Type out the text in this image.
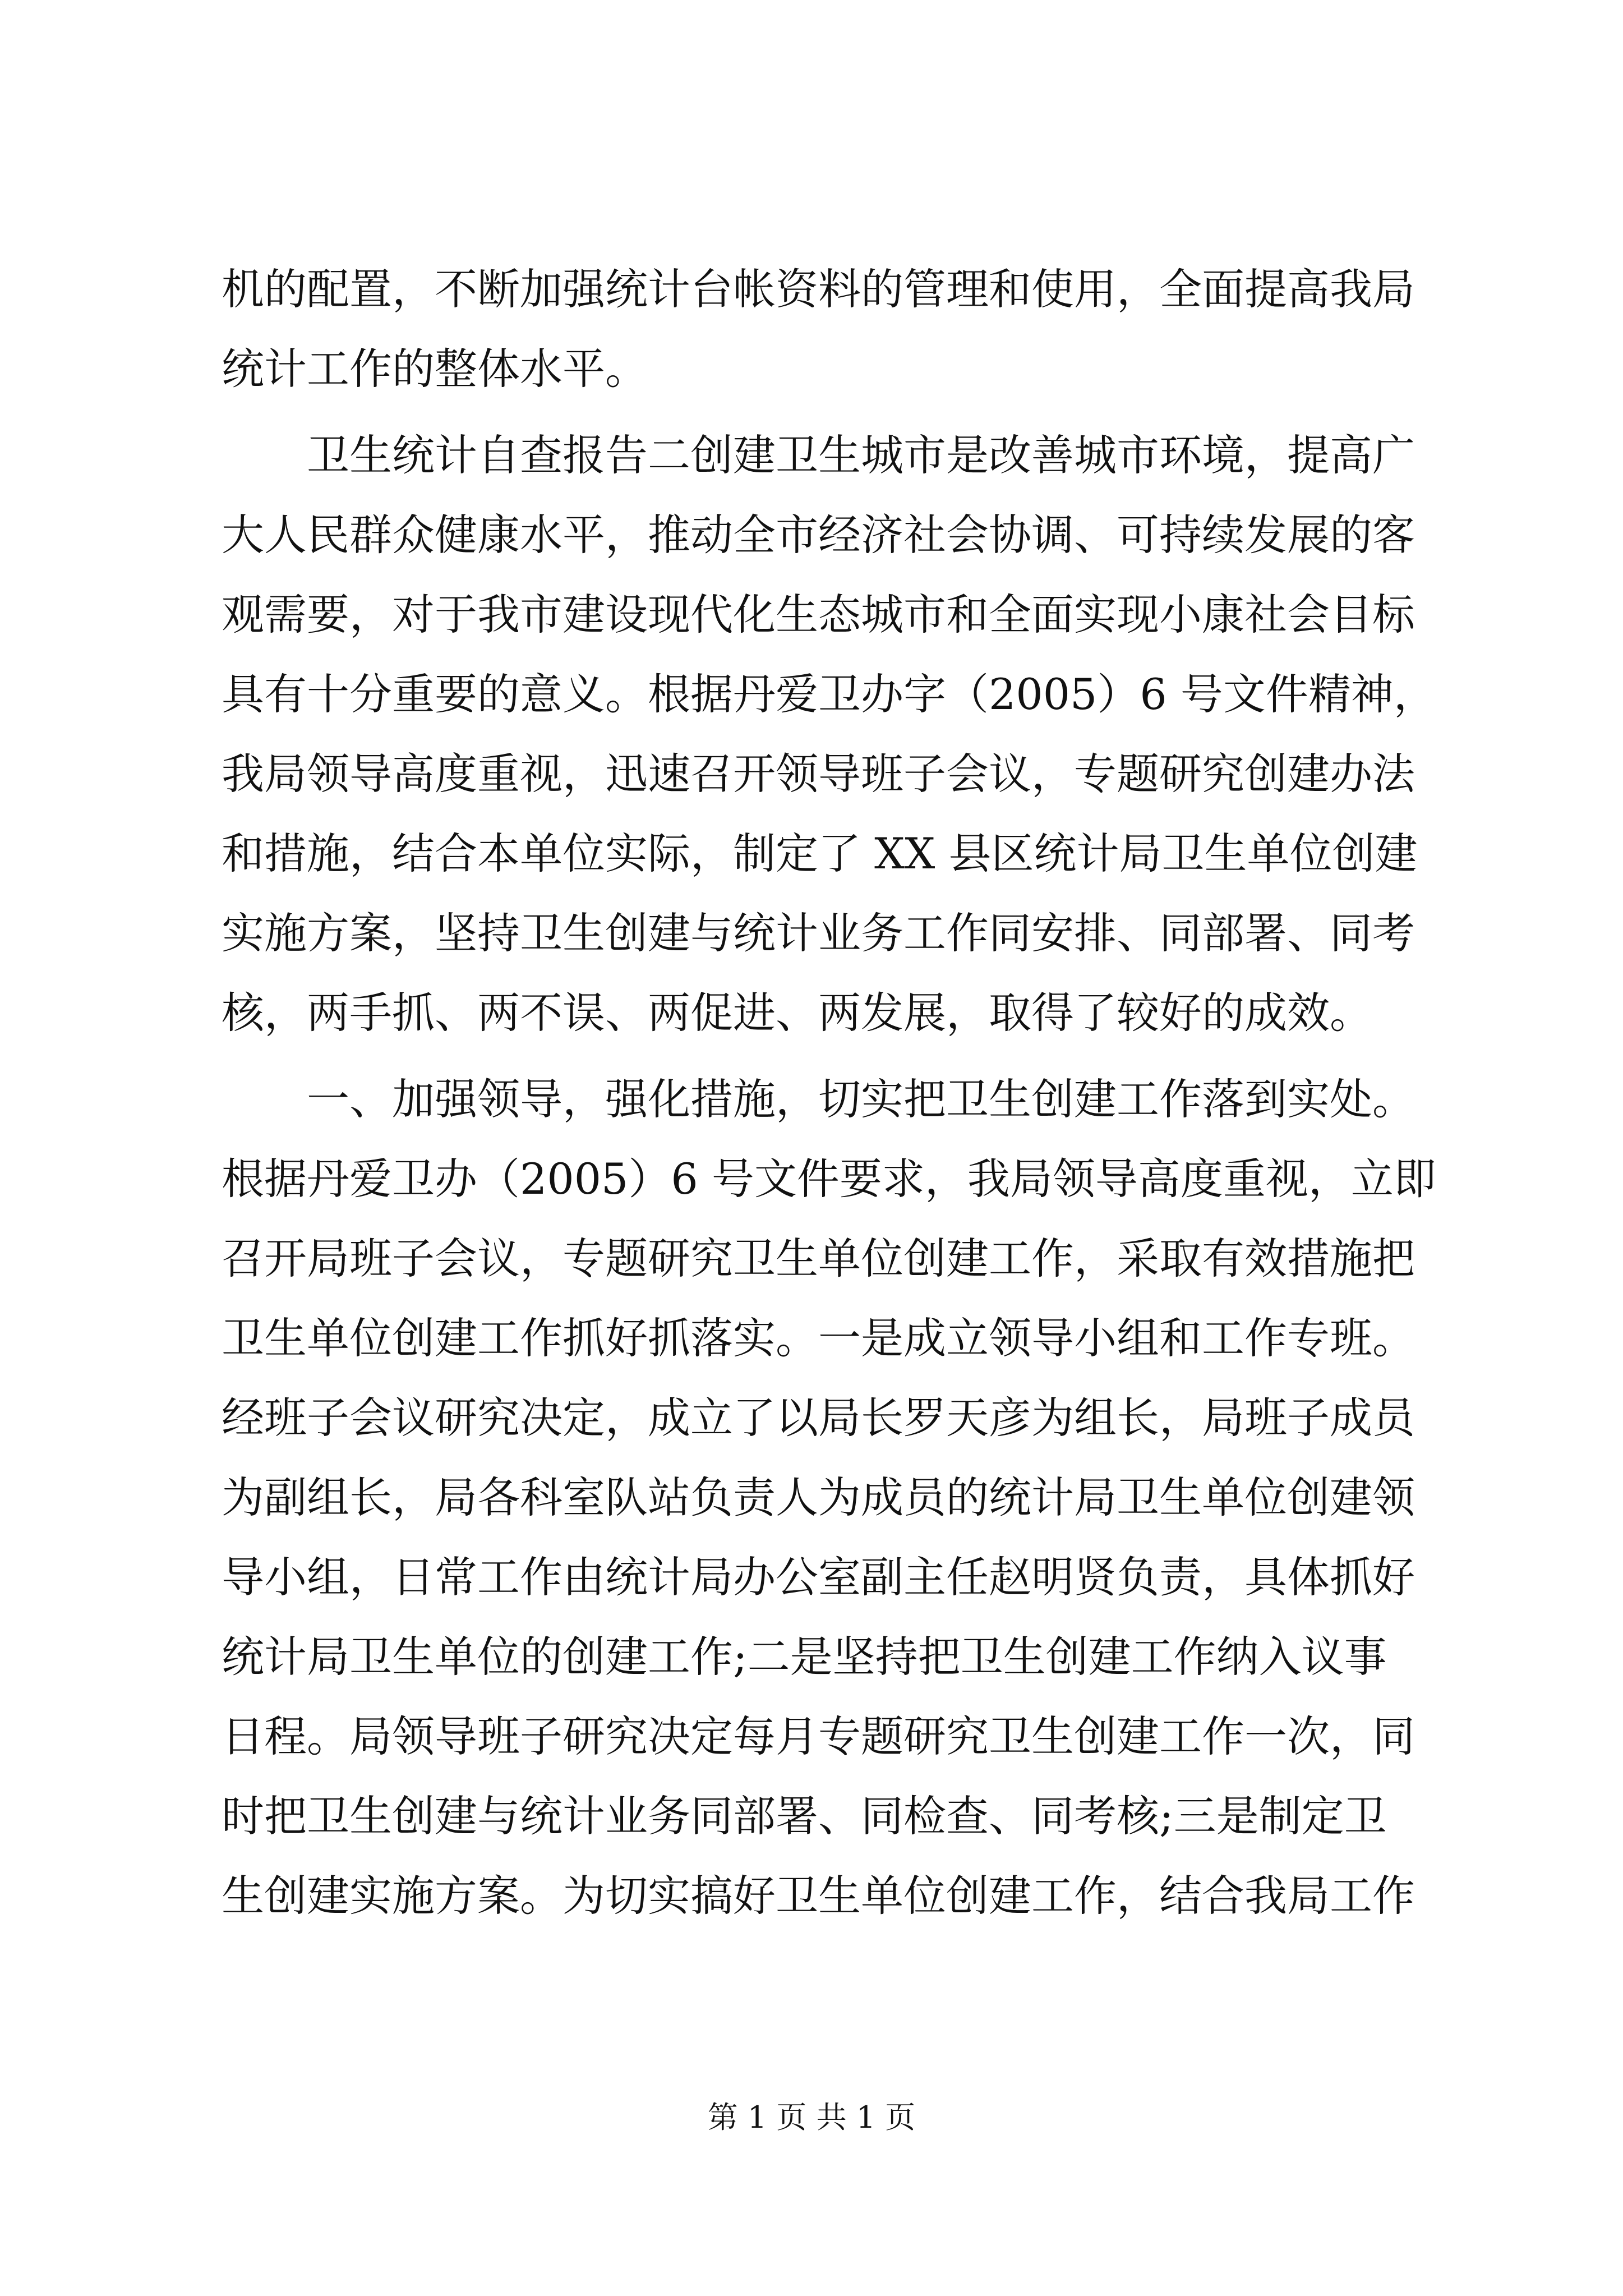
机的配置，不断加强统计台帐资料的管理和使用，全面提高我局
统计工作的整体水平。
　　卫生统计自查报告二创建卫生城市是改善城市环境，提高广
大人民群众健康水平，推动全市经济社会协调、可持续发展的客
观需要，对于我市建设现代化生态城市和全面实现小康社会目标
具有十分重要的意义。根据丹爱卫办字（2005）6 号文件精神，
我局领导高度重视，迅速召开领导班子会议，专题研究创建办法
和措施，结合本单位实际，制定了 XX 县区统计局卫生单位创建
实施方案，坚持卫生创建与统计业务工作同安排、同部署、同考
核，两手抓、两不误、两促进、两发展，取得了较好的成效。
　　一、加强领导，强化措施，切实把卫生创建工作落到实处。
根据丹爱卫办（2005）6 号文件要求，我局领导高度重视，立即
召开局班子会议，专题研究卫生单位创建工作，采取有效措施把
卫生单位创建工作抓好抓落实。一是成立领导小组和工作专班。
经班子会议研究决定，成立了以局长罗天彦为组长，局班子成员
为副组长，局各科室队站负责人为成员的统计局卫生单位创建领
导小组，日常工作由统计局办公室副主任赵明贤负责，具体抓好
统计局卫生单位的创建工作;二是坚持把卫生创建工作纳入议事
日程。局领导班子研究决定每月专题研究卫生创建工作一次，同
时把卫生创建与统计业务同部署、同检查、同考核;三是制定卫
生创建实施方案。为切实搞好卫生单位创建工作，结合我局工作
第 1 页 共 1 页
